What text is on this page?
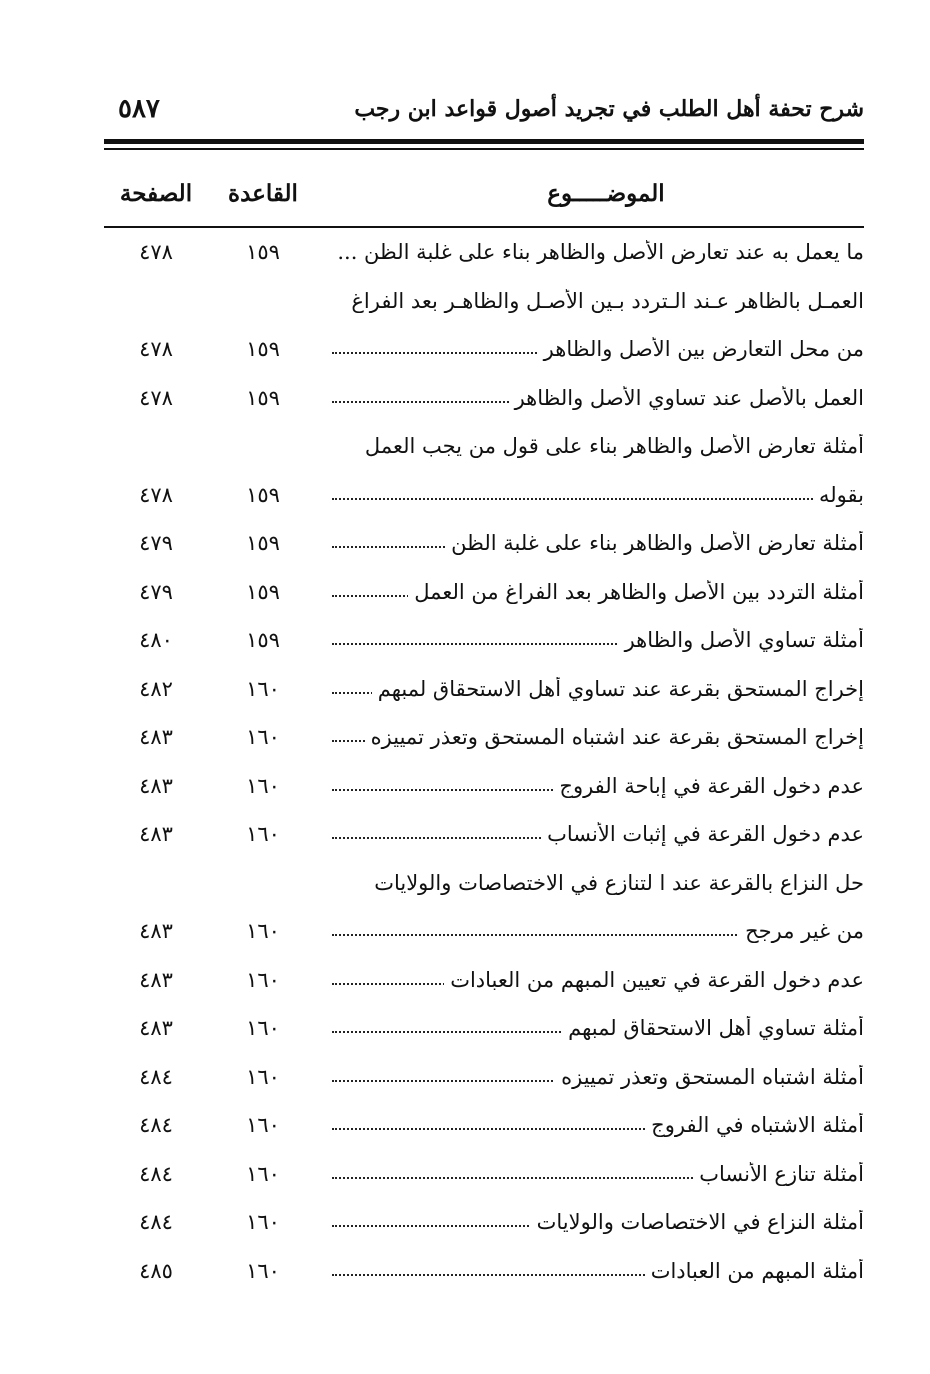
شرح تحفة أهل الطلب في تجريد أصول قواعد ابن رجب
٥٨٧
الموضـــــوع
القاعدة
الصفحة
ما يعمل به عند تعارض الأصل والظاهر بناء على غلبة الظن ...
١٥٩
٤٧٨
العمـل بالظاهر عـند الـتردد بـين الأصـل والظاهـر بعد الفراغ
من محل التعارض بين الأصل والظاهر
١٥٩
٤٧٨
العمل بالأصل عند تساوي الأصل والظاهر
١٥٩
٤٧٨
أمثلة تعارض الأصل والظاهر بناء على قول من يجب العمل
بقوله
١٥٩
٤٧٨
أمثلة تعارض الأصل والظاهر بناء على غلبة الظن
١٥٩
٤٧٩
أمثلة التردد بين الأصل والظاهر بعد الفراغ من العمل
١٥٩
٤٧٩
أمثلة تساوي الأصل والظاهر
١٥٩
٤٨٠
إخراج المستحق بقرعة عند تساوي أهل الاستحقاق لمبهم
١٦٠
٤٨٢
إخراج المستحق بقرعة عند اشتباه المستحق وتعذر تمييزه
١٦٠
٤٨٣
عدم دخول القرعة في إباحة الفروج
١٦٠
٤٨٣
عدم دخول القرعة في إثبات الأنساب
١٦٠
٤٨٣
حل النزاع بالقرعة عند ا لتنازع في الاختصاصات والولايات
من غير مرجح
١٦٠
٤٨٣
عدم دخول القرعة في تعيين المبهم من العبادات
١٦٠
٤٨٣
أمثلة تساوي أهل الاستحقاق لمبهم
١٦٠
٤٨٣
أمثلة اشتباه المستحق وتعذر تمييزه
١٦٠
٤٨٤
أمثلة الاشتباه في الفروج
١٦٠
٤٨٤
أمثلة تنازع الأنساب
١٦٠
٤٨٤
أمثلة النزاع في الاختصاصات والولايات
١٦٠
٤٨٤
أمثلة المبهم من العبادات
١٦٠
٤٨٥
